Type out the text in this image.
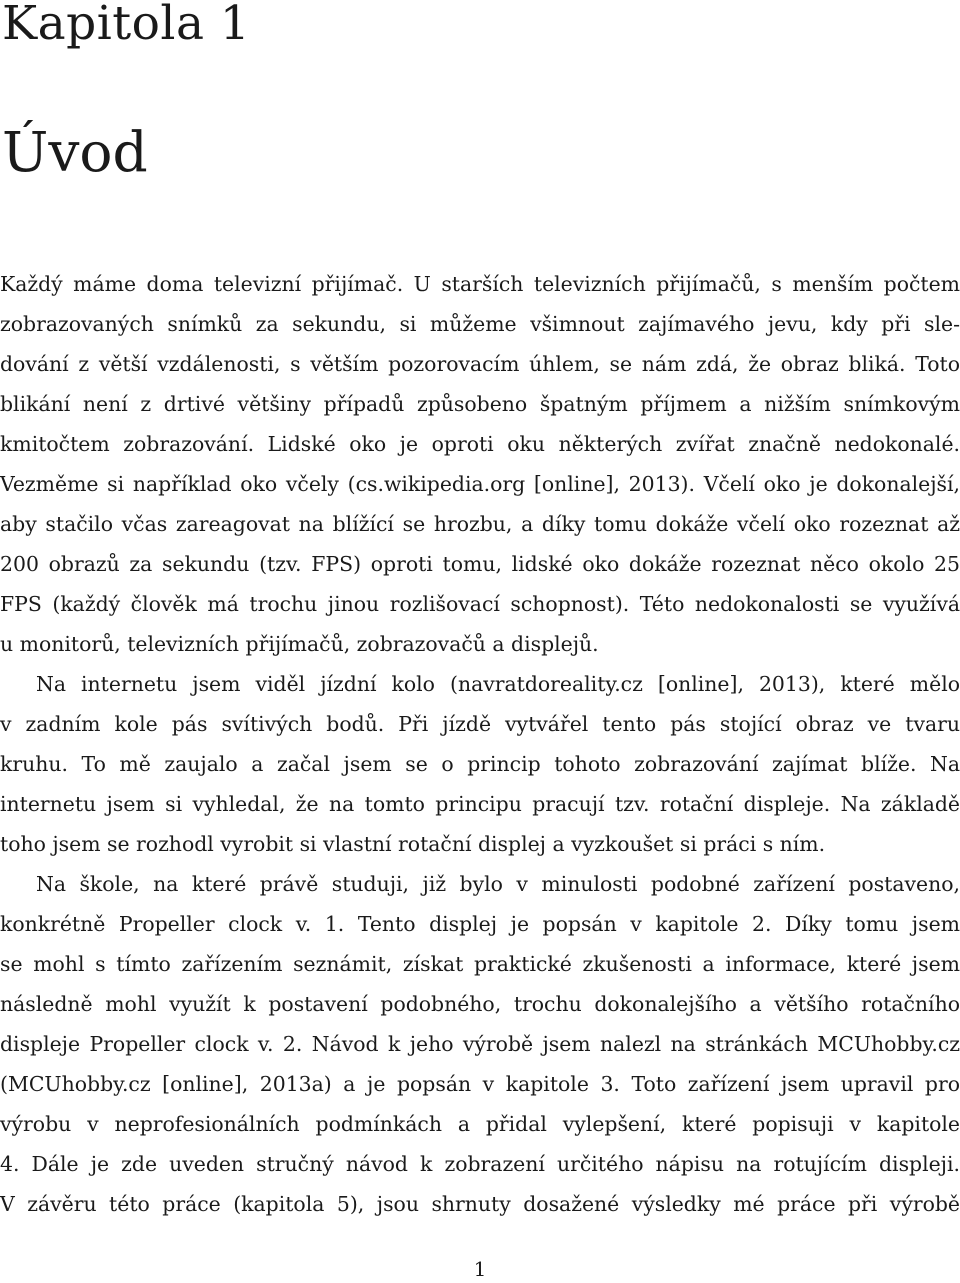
Kapitola 1
Úvod
Každý máme doma televizní přijímač. U starších televizních přijímačů, s menším počtem
zobrazovaných snímků za sekundu, si můžeme všimnout zajímavého jevu, kdy při sle-
dování z větší vzdálenosti, s větším pozorovacím úhlem, se nám zdá, že obraz bliká. Toto
blikání není z drtivé většiny případů způsobeno špatným příjmem a nižším snímkovým
kmitočtem zobrazování. Lidské oko je oproti oku některých zvířat značně nedokonalé.
Vezměme si například oko včely (cs.wikipedia.org [online], 2013). Včelí oko je dokonalejší,
aby stačilo včas zareagovat na blížící se hrozbu, a díky tomu dokáže včelí oko rozeznat až
200 obrazů za sekundu (tzv. FPS) oproti tomu, lidské oko dokáže rozeznat něco okolo 25
FPS (každý člověk má trochu jinou rozlišovací schopnost). Této nedokonalosti se využívá
u monitorů, televizních přijímačů, zobrazovačů a displejů.
Na internetu jsem viděl jízdní kolo (navratdoreality.cz [online], 2013), které mělo
v zadním kole pás svítivých bodů. Při jízdě vytvářel tento pás stojící obraz ve tvaru
kruhu. To mě zaujalo a začal jsem se o princip tohoto zobrazování zajímat blíže. Na
internetu jsem si vyhledal, že na tomto principu pracují tzv. rotační displeje. Na základě
toho jsem se rozhodl vyrobit si vlastní rotační displej a vyzkoušet si práci s ním.
Na škole, na které právě studuji, již bylo v minulosti podobné zařízení postaveno,
konkrétně Propeller clock v. 1. Tento displej je popsán v kapitole 2. Díky tomu jsem
se mohl s tímto zařízením seznámit, získat praktické zkušenosti a informace, které jsem
následně mohl využít k postavení podobného, trochu dokonalejšího a většího rotačního
displeje Propeller clock v. 2. Návod k jeho výrobě jsem nalezl na stránkách MCUhobby.cz
(MCUhobby.cz [online], 2013a) a je popsán v kapitole 3. Toto zařízení jsem upravil pro
výrobu v neprofesionálních podmínkách a přidal vylepšení, které popisuji v kapitole
4. Dále je zde uveden stručný návod k zobrazení určitého nápisu na rotujícím displeji.
V závěru této práce (kapitola 5), jsou shrnuty dosažené výsledky mé práce při výrobě
1
